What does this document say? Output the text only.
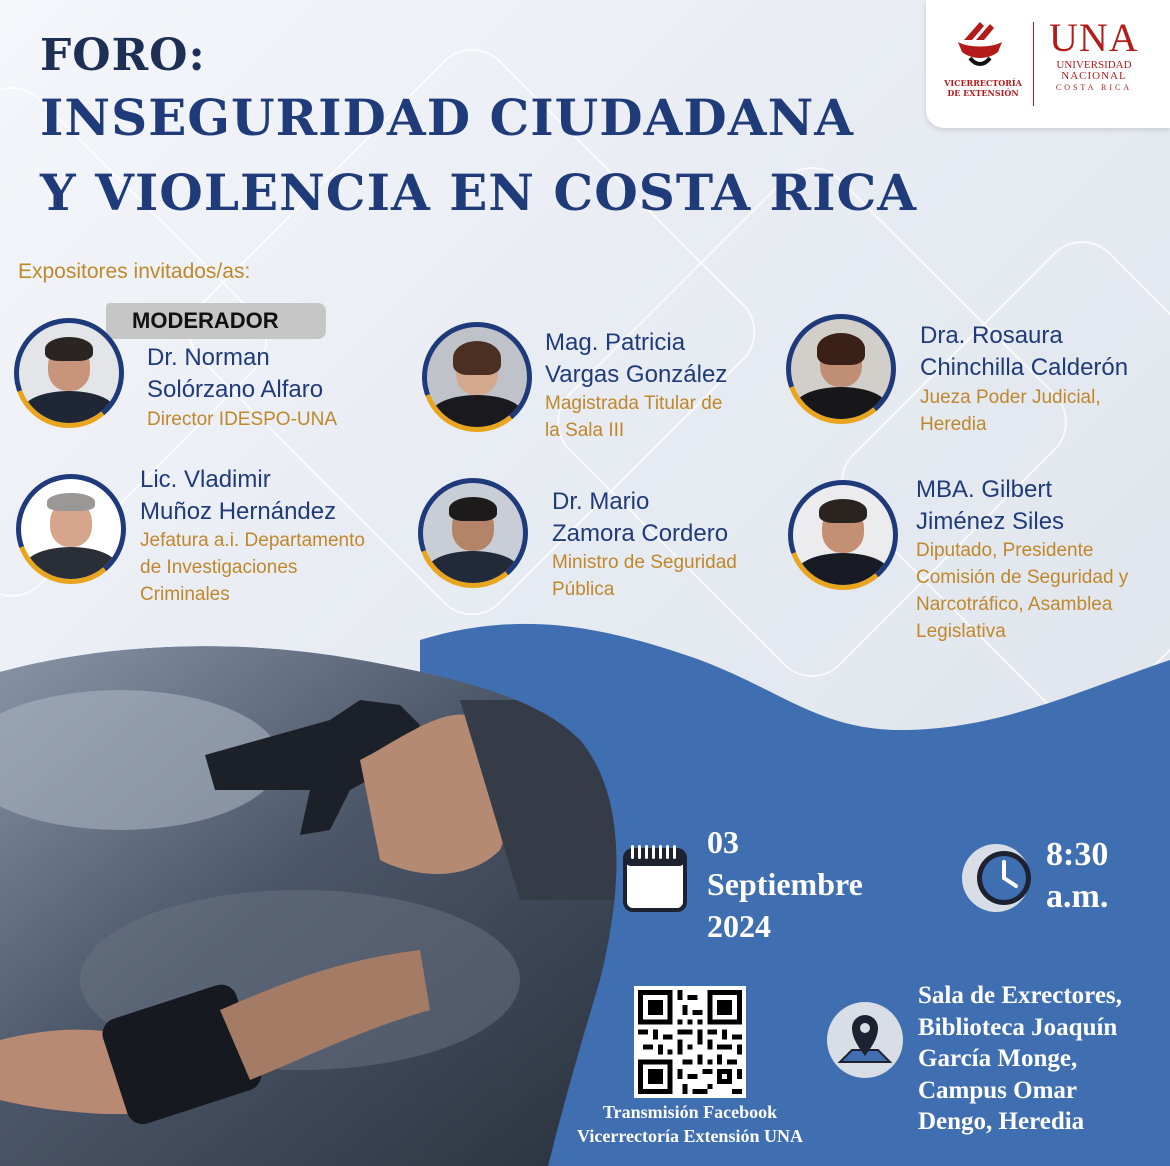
FORO:
INSEGURIDAD CIUDADANA
Y VIOLENCIA EN COSTA RICA
VICERRECTORÍA
DE EXTENSIÓN
UNA
UNIVERSIDAD
NACIONAL
COSTA RICA
Expositores invitados/as:
MODERADOR
Dr. Norman
Solórzano Alfaro
Director IDESPO-UNA
Mag. Patricia
Vargas González
Magistrada Titular de
la Sala III
Dra. Rosaura
Chinchilla Calderón
Jueza Poder Judicial,
Heredia
Lic. Vladimir
Muñoz Hernández
Jefatura a.i. Departamento
de Investigaciones
Criminales
Dr. Mario
Zamora Cordero
Ministro de Seguridad
Pública
MBA. Gilbert
Jiménez Siles
Diputado, Presidente
Comisión de Seguridad y
Narcotráfico, Asamblea
Legislativa
03
Septiembre
2024
8:30
a.m.
Transmisión Facebook
Vicerrectoría Extensión UNA
Sala de Exrectores,
Biblioteca Joaquín
García Monge,
Campus Omar
Dengo, Heredia
